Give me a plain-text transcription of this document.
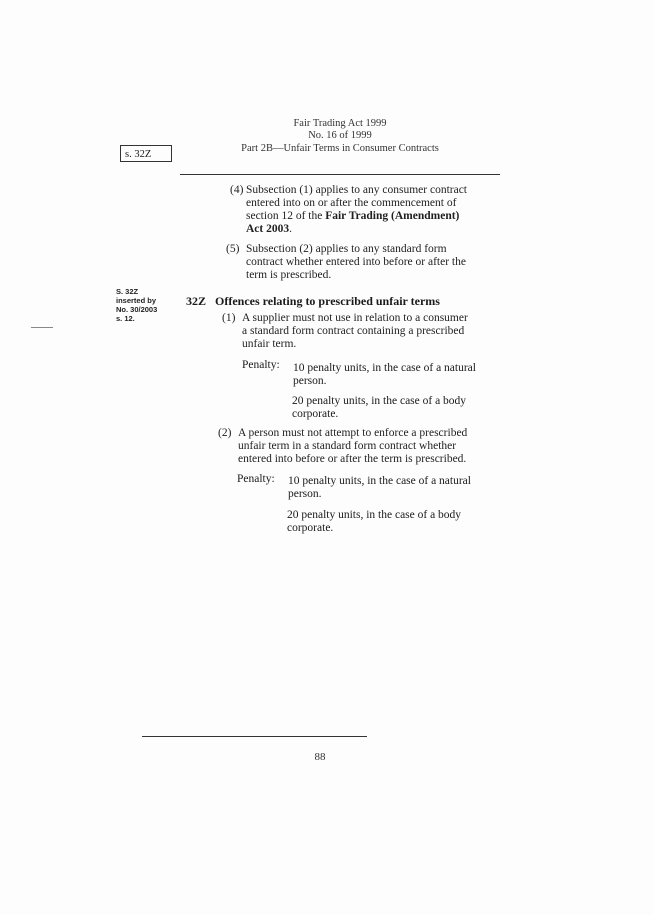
Fair Trading Act 1999
No. 16 of 1999
Part 2B—Unfair Terms in Consumer Contracts
s. 32Z
(4) Subsection (1) applies to any consumer contract
entered into on or after the commencement of
section 12 of the Fair Trading (Amendment)
Act 2003.
(5) Subsection (2) applies to any standard form
contract whether entered into before or after the
term is prescribed.
S. 32Z
inserted by
No. 30/2003
s. 12.
32Z Offences relating to prescribed unfair terms
(1) A supplier must not use in relation to a consumer
a standard form contract containing a prescribed
unfair term.
Penalty: 10 penalty units, in the case of a natural
person.
20 penalty units, in the case of a body
corporate.
(2) A person must not attempt to enforce a prescribed
unfair term in a standard form contract whether
entered into before or after the term is prescribed.
Penalty: 10 penalty units, in the case of a natural
person.
20 penalty units, in the case of a body
corporate.
88
